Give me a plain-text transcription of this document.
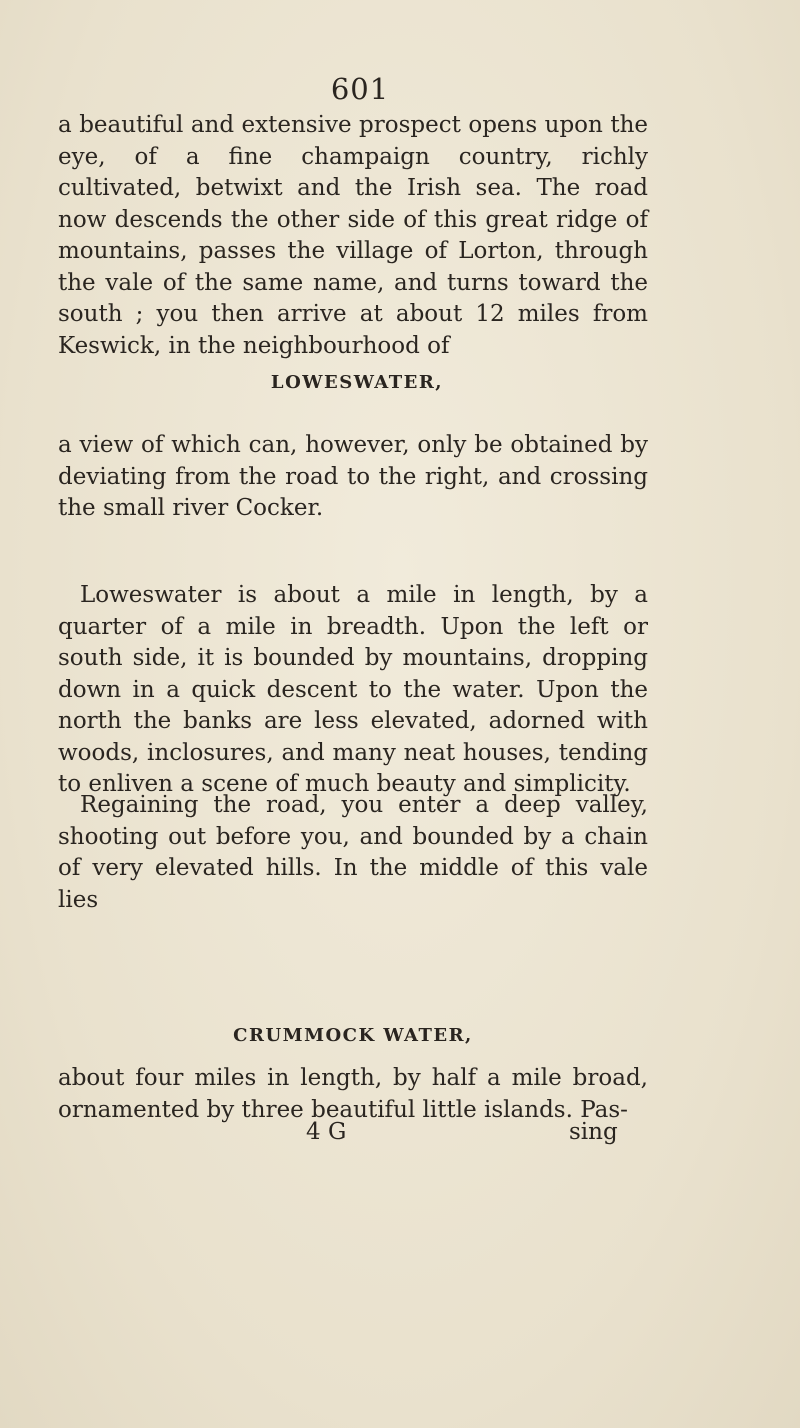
601

a beautiful and extensive prospect opens upon the eye, of a fine champaign country, richly cultivated, betwixt and the Irish sea. The road now descends the other side of this great ridge of mountains, passes the village of Lorton, through the vale of the same name, and turns toward the south ; you then arrive at about 12 miles from Keswick, in the neighbourhood of

LOWESWATER,

a view of which can, however, only be obtained by deviating from the road to the right, and crossing the small river Cocker.

Loweswater is about a mile in length, by a quarter of a mile in breadth. Upon the left or south side, it is bounded by mountains, dropping down in a quick descent to the water. Upon the north the banks are less elevated, adorned with woods, inclosures, and many neat houses, tending to enliven a scene of much beauty and simplicity.

Regaining the road, you enter a deep valley, shooting out before you, and bounded by a chain of very elevated hills. In the middle of this vale lies

CRUMMOCK WATER,

about four miles in length, by half a mile broad, ornamented by three beautiful little islands. Pas-

4 G	sing
